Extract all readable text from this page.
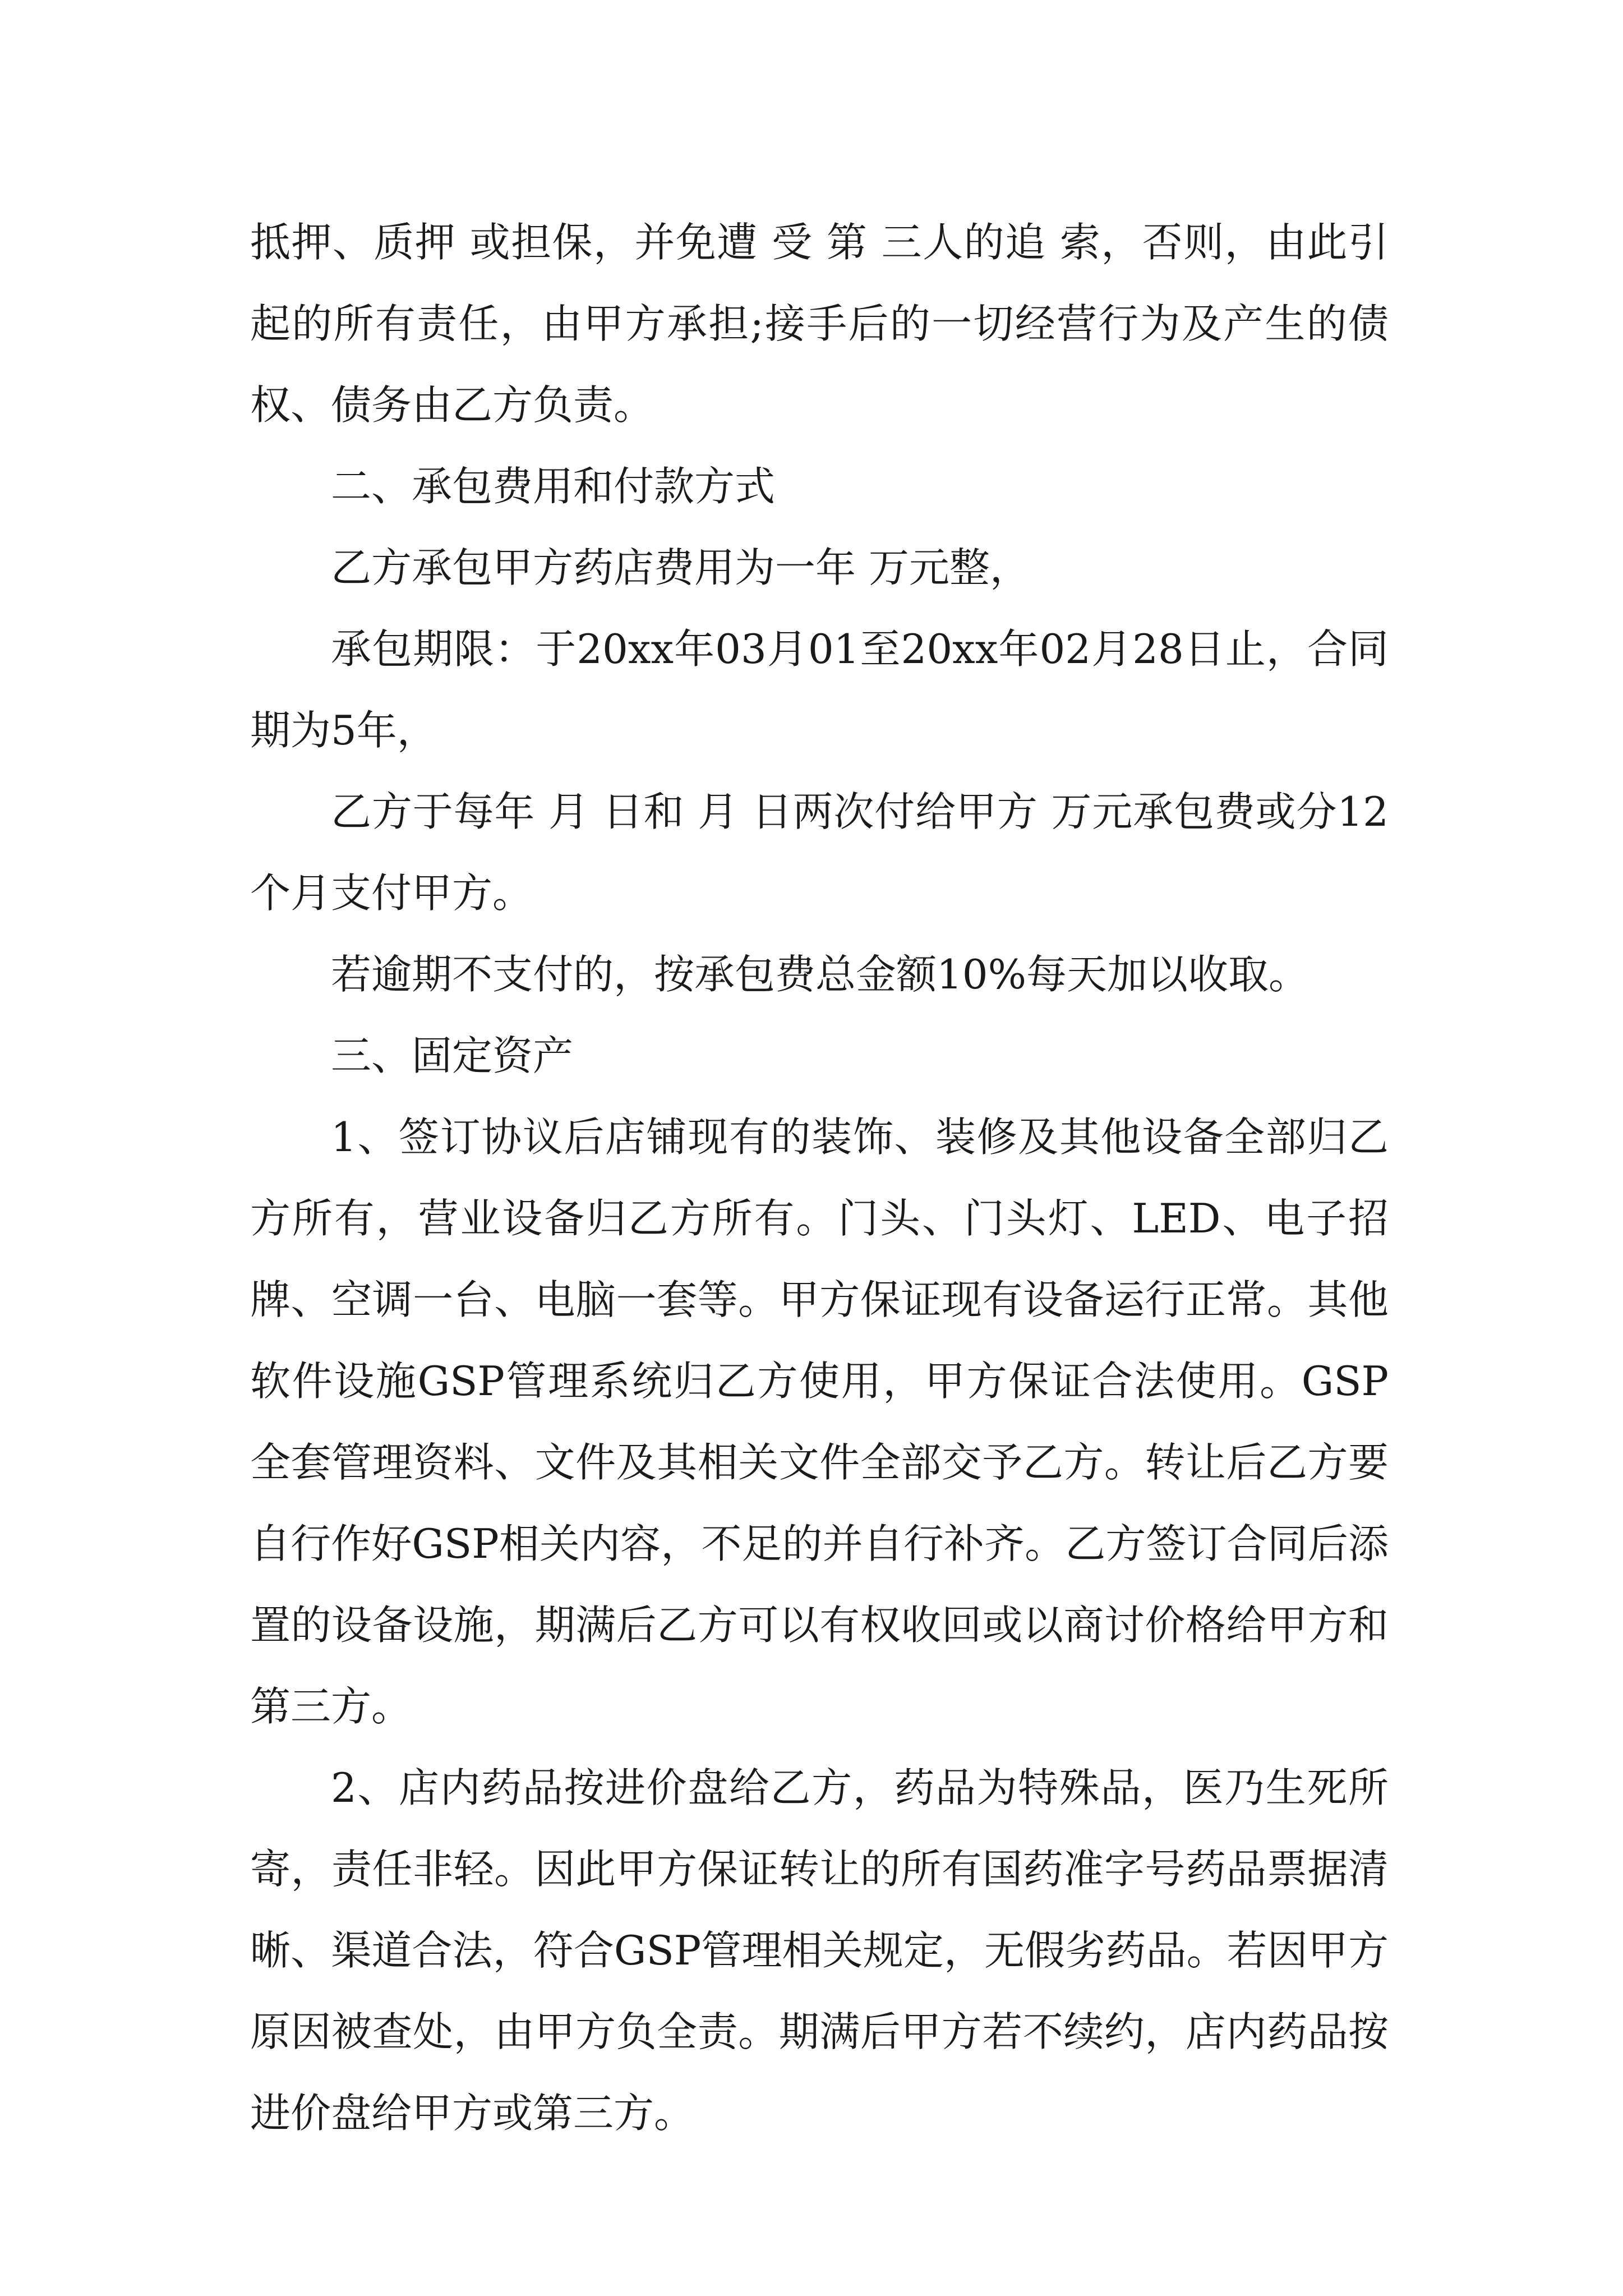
抵押、质押 或担保，并免遭 受 第 三人的追 索，否则，由此引起的所有责任，由甲方承担;接手后的一切经营行为及产生的债权、债务由乙方负责。

二、承包费用和付款方式

乙方承包甲方药店费用为一年 万元整，

承包期限：于20xx年03月01至20xx年02月28日止，合同期为5年，

乙方于每年 月 日和 月 日两次付给甲方 万元承包费或分12个月支付甲方。

若逾期不支付的，按承包费总金额10%每天加以收取。

三、固定资产

1、签订协议后店铺现有的装饰、装修及其他设备全部归乙方所有，营业设备归乙方所有。门头、门头灯、LED、电子招牌、空调一台、电脑一套等。甲方保证现有设备运行正常。其他软件设施GSP管理系统归乙方使用，甲方保证合法使用。GSP全套管理资料、文件及其相关文件全部交予乙方。转让后乙方要自行作好GSP相关内容，不足的并自行补齐。乙方签订合同后添置的设备设施，期满后乙方可以有权收回或以商讨价格给甲方和第三方。

2、店内药品按进价盘给乙方，药品为特殊品，医乃生死所寄，责任非轻。因此甲方保证转让的所有国药准字号药品票据清晰、渠道合法，符合GSP管理相关规定，无假劣药品。若因甲方原因被查处，由甲方负全责。期满后甲方若不续约，店内药品按进价盘给甲方或第三方。
